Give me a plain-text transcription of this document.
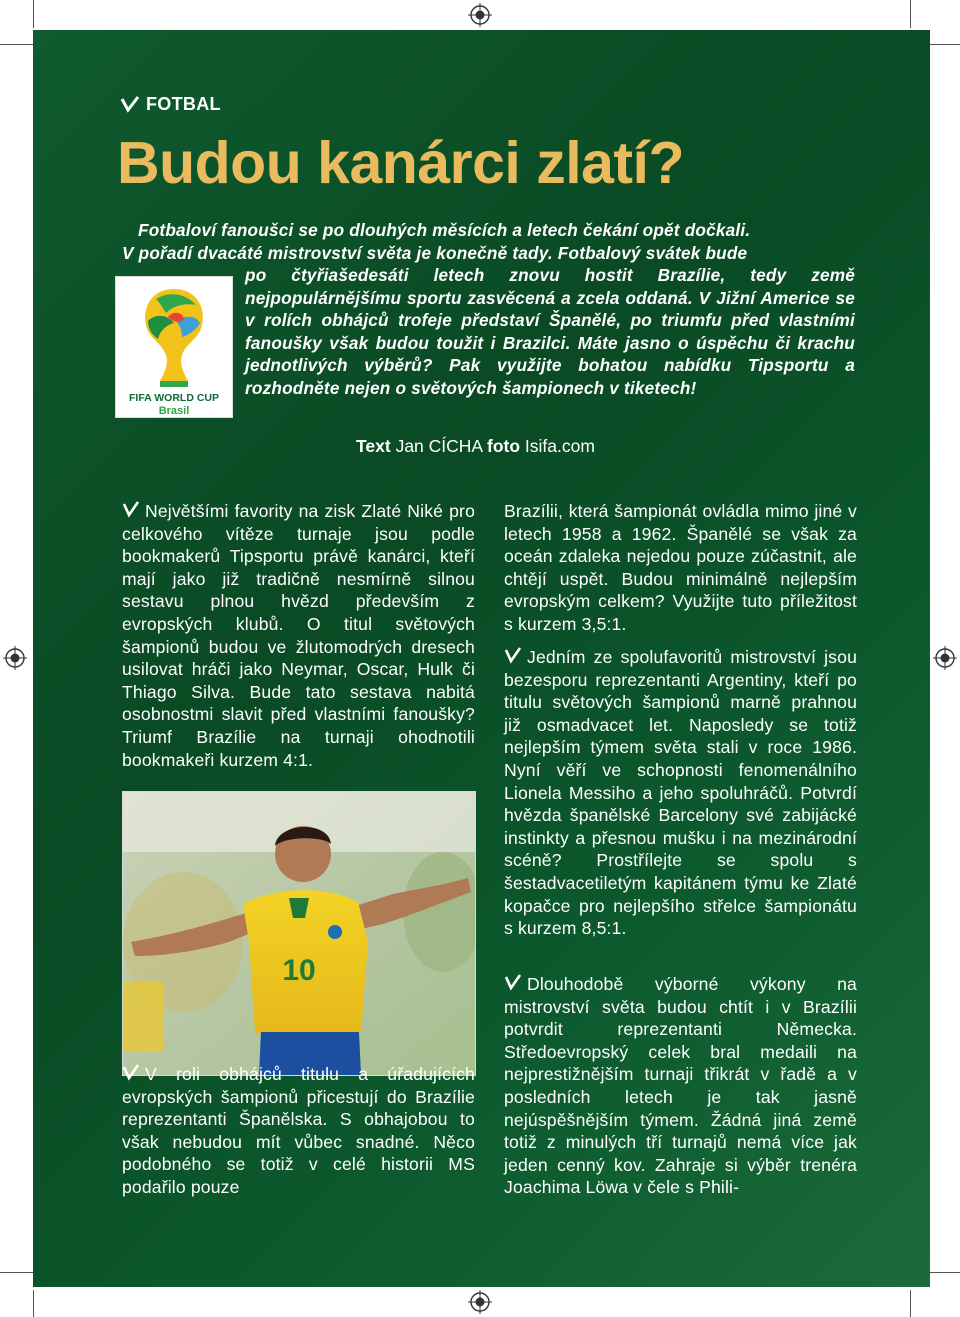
FOTBAL
Budou kanárci zlatí?
Fotbaloví fanoušci se po dlouhých měsících a letech čekání opět dočkali.
V pořadí dvacáté mistrovství světa je konečně tady. Fotbalový svátek bude
po čtyřiašedesáti letech znovu hostit Brazílie, tedy země nejpopulárnějšímu sportu zasvěcená a zcela oddaná. V Jižní Americe se v rolích obhájců trofeje představí Španělé, po triumfu před vlastními fanoušky však budou toužit i Brazilci. Máte jasno o úspěchu či krachu jednotlivých výběrů? Pak využijte bohatou nabídku Tipsportu a rozhodněte nejen o světových šampionech v tiketech!
FIFA WORLD CUP
Brasil
Text Jan CÍCHA foto Isifa.com

Největšími favority na zisk Zlaté Niké pro celkového vítěze turnaje jsou podle bookmakerů Tipsportu právě kanárci, kteří mají jako již tradičně nesmírně silnou sestavu plnou hvězd především z evropských klubů. O titul světových šampionů budou ve žlutomodrých dresech usilovat hráči jako Neymar, Oscar, Hulk či Thiago Silva. Bude tato sestava nabitá osobnostmi slavit před vlastními fanoušky? Triumf Brazílie na turnaji ohodnotili bookmakeři kurzem 4:1.

10

V roli obhájců titulu a úřadujících evropských šampionů přicestují do Brazílie reprezentanti Španělska. S obhajobou to však nebudou mít vůbec snadné. Něco podobného se totiž v celé historii MS podařilo pouze

Brazílii, která šampionát ovládla mimo jiné v letech 1958 a 1962. Španělé se však za oceán zdaleka nejedou pouze zúčastnit, ale chtějí uspět. Budou minimálně nejlepším evropským celkem? Využijte tuto příležitost s kurzem 3,5:1.

Jedním ze spolufavoritů mistrovství jsou bezesporu reprezentanti Argentiny, kteří po titulu světových šampionů marně prahnou již osmadvacet let. Naposledy se totiž nejlepším týmem světa stali v roce 1986. Nyní věří ve schopnosti fenomenálního Lionela Messiho a jeho spoluhráčů. Potvrdí hvězda španělské Barcelony své zabijácké instinkty a přesnou mušku i na mezinárodní scéně? Prostřílejte se spolu s šestadvacetiletým kapitánem týmu ke Zlaté kopačce pro nejlepšího střelce šampionátu s kurzem 8,5:1.

Dlouhodobě výborné výkony na mistrovství světa budou chtít i v Brazílii potvrdit reprezentanti Německa. Středoevropský celek bral medaili na nejprestižnějším turnaji třikrát v řadě a v posledních letech je tak jasně nejúspěšnějším týmem. Žádná jiná země totiž z minulých tří turnajů nemá více jak jeden cenný kov. Zahraje si výběr trenéra Joachima Löwa v čele s Phili-
